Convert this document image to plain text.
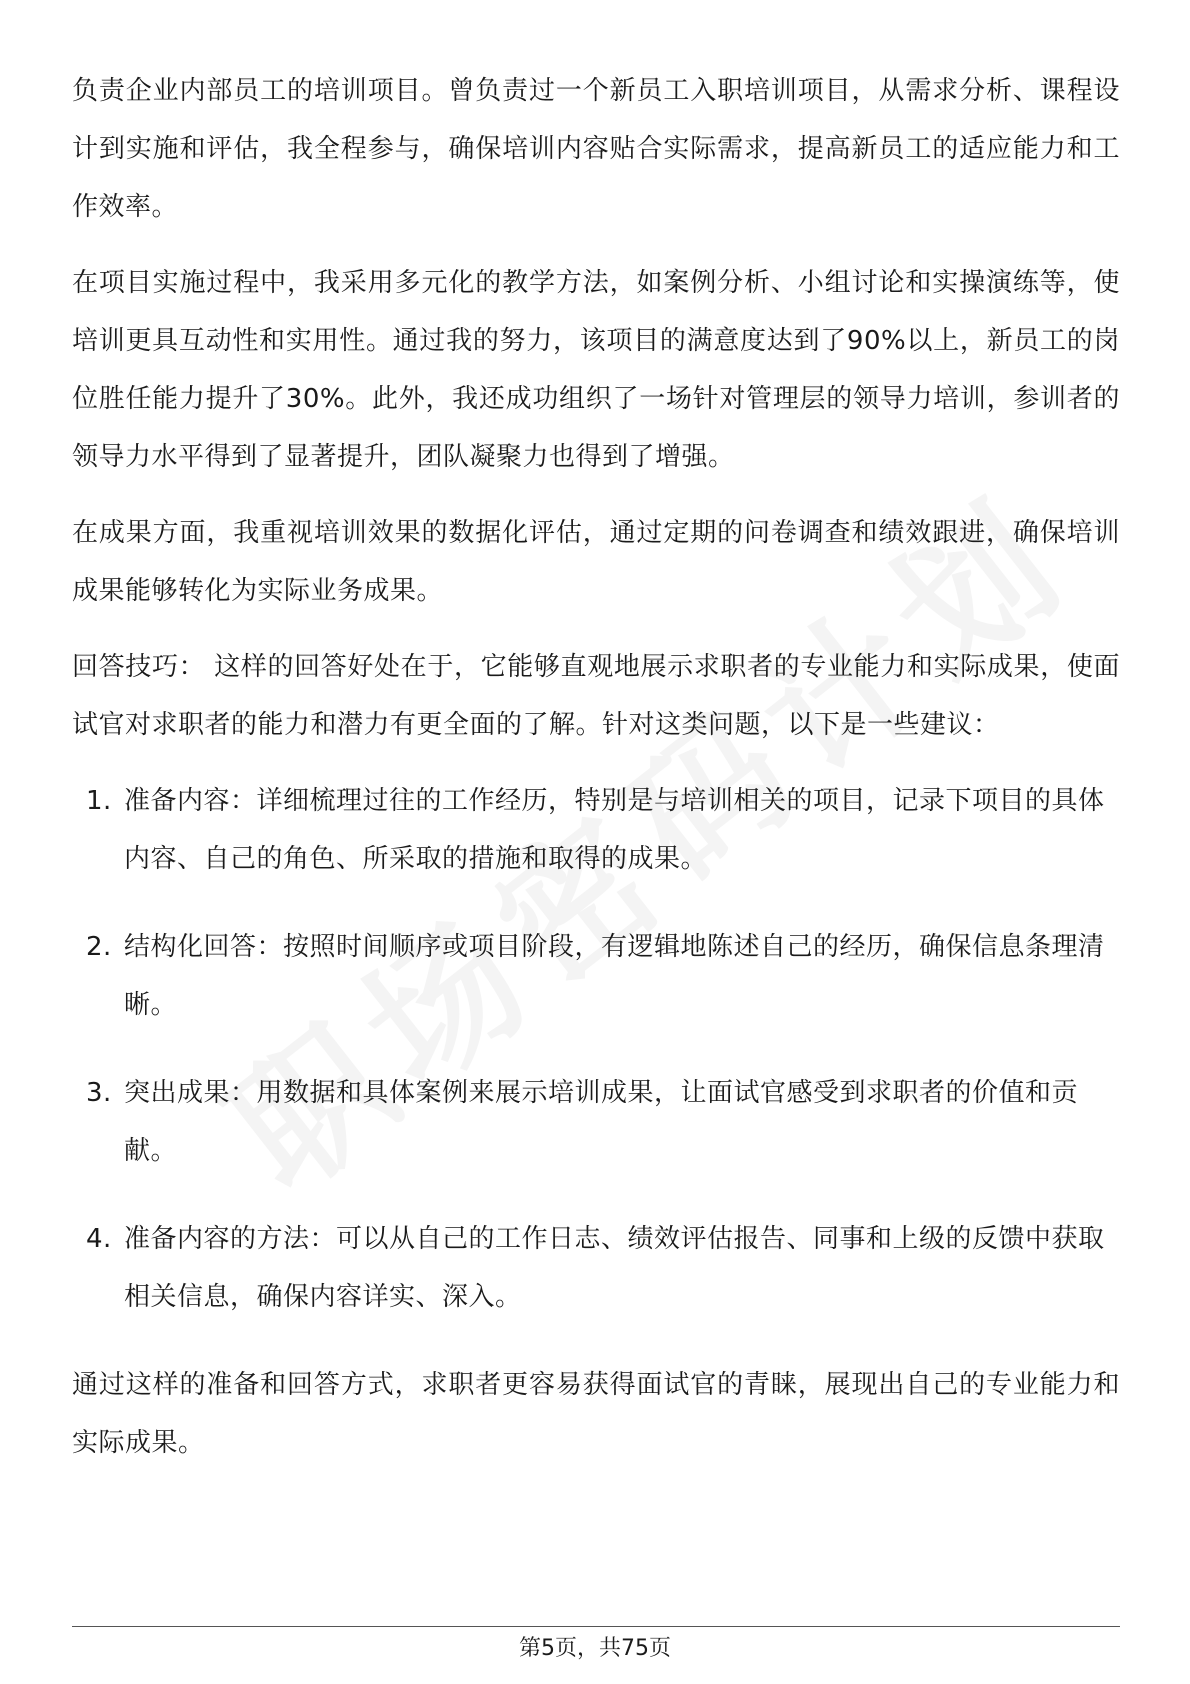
负责企业内部员工的培训项目。曾负责过一个新员工入职培训项目，从需求分析、课程设计到实施和评估，我全程参与，确保培训内容贴合实际需求，提高新员工的适应能力和工作效率。

在项目实施过程中，我采用多元化的教学方法，如案例分析、小组讨论和实操演练等，使培训更具互动性和实用性。通过我的努力，该项目的满意度达到了90%以上，新员工的岗位胜任能力提升了30%。此外，我还成功组织了一场针对管理层的领导力培训，参训者的领导力水平得到了显著提升，团队凝聚力也得到了增强。

在成果方面，我重视培训效果的数据化评估，通过定期的问卷调查和绩效跟进，确保培训成果能够转化为实际业务成果。

回答技巧： 这样的回答好处在于，它能够直观地展示求职者的专业能力和实际成果，使面试官对求职者的能力和潜力有更全面的了解。针对这类问题，以下是一些建议：

1. 准备内容：详细梳理过往的工作经历，特别是与培训相关的项目，记录下项目的具体内容、自己的角色、所采取的措施和取得的成果。
2. 结构化回答：按照时间顺序或项目阶段，有逻辑地陈述自己的经历，确保信息条理清晰。
3. 突出成果：用数据和具体案例来展示培训成果，让面试官感受到求职者的价值和贡献。
4. 准备内容的方法：可以从自己的工作日志、绩效评估报告、同事和上级的反馈中获取相关信息，确保内容详实、深入。

通过这样的准备和回答方式，求职者更容易获得面试官的青睐，展现出自己的专业能力和实际成果。

第5页，共75页
